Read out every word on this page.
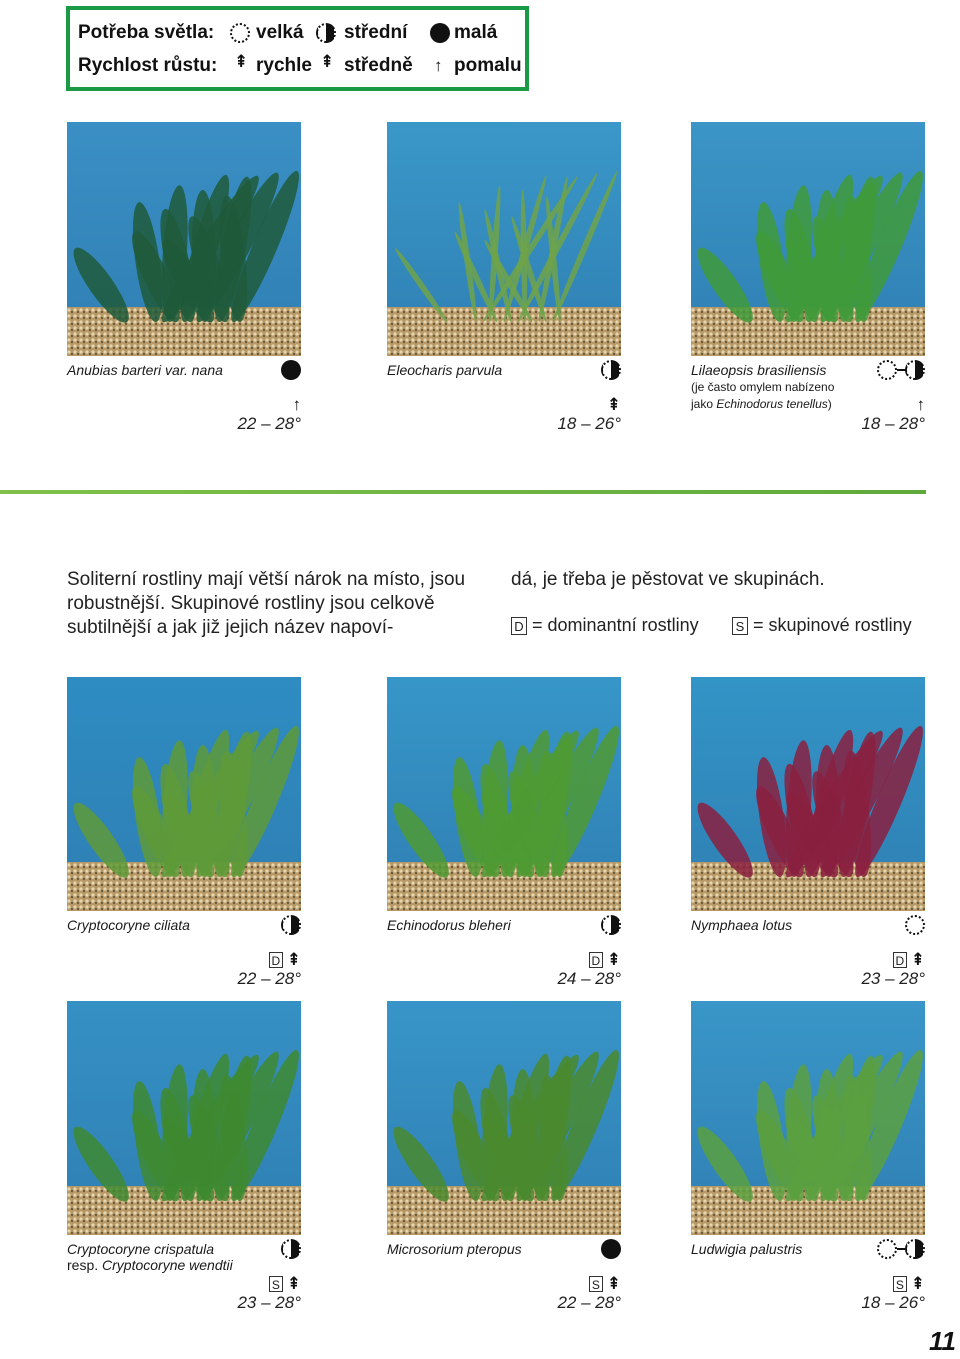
Potřeba světla: velká střední malá
Rychlost růstu: ⇞ rychle ⇞ středně ↑ pomalu
Anubias barteri var. nana
↑
22 – 28°
Eleocharis parvula
⇞
18 – 26°
Lilaeopsis brasiliensis
(je často omylem nabízeno
jako Echinodorus tenellus)	↑
18 – 28°
Cryptocoryne ciliata
D ⇞
22 – 28°
Echinodorus bleheri
D ⇞
24 – 28°
Nymphaea lotus
D ⇞
23 – 28°
Cryptocoryne crispatula
resp. Cryptocoryne wendtii
S ⇞
23 – 28°
Microsorium pteropus
S ⇞
22 – 28°
Ludwigia palustris
S ⇞
18 – 26°
Soliterní rostliny mají větší nárok na místo, jsou robustnější. Skupinové rostliny jsou celkově subtilnější a jak již jejich název napoví-
dá, je třeba je pěstovat ve skupinách.
D = dominantní rostliny	S = skupinové rostliny
11
